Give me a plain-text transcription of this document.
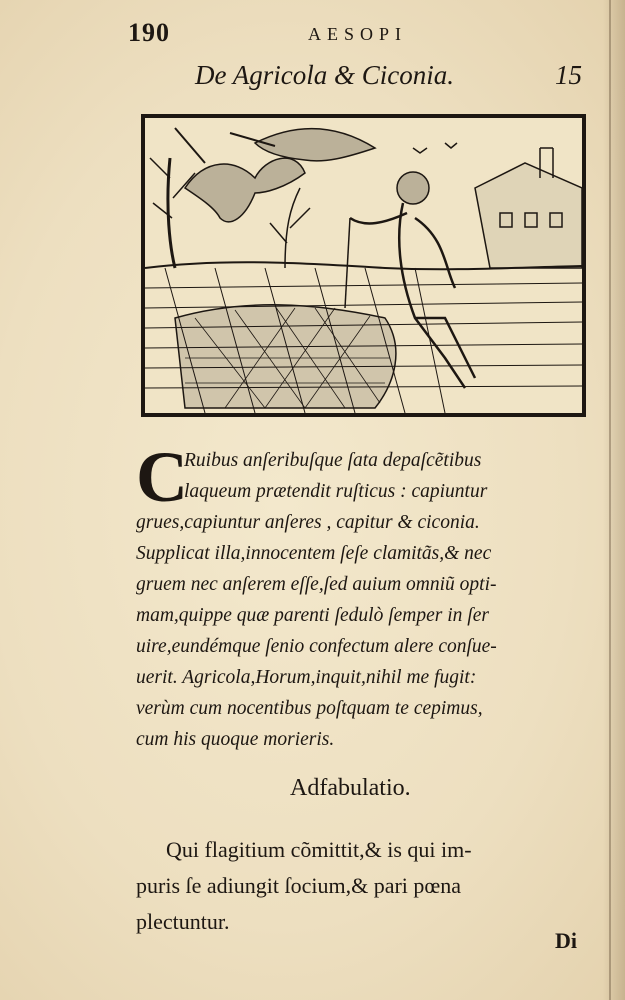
190	AESOPI
De Agricola & Ciconia.	15
C
Ruibus anſeribuſque ſata depaſcẽtibus
laqueum prætendit ruſticus : capiuntur
grues,capiuntur anſeres , capitur & ciconia.
Supplicat illa,innocentem ſeſe clamitãs,& nec
gruem nec anſerem eſſe,ſed auium omniũ opti-
mam,quippe quæ parenti ſedulò ſemper in ſer
uire,eundémque ſenio confectum alere conſue-
uerit. Agricola,Horum,inquit,nihil me fugit:
verùm cum nocentibus poſtquam te cepimus,
cum his quoque morieris.
Adfabulatio.
Qui flagitium cõmittit,& is qui im-
puris ſe adiungit ſocium,& pari pœna
plectuntur.
Di
